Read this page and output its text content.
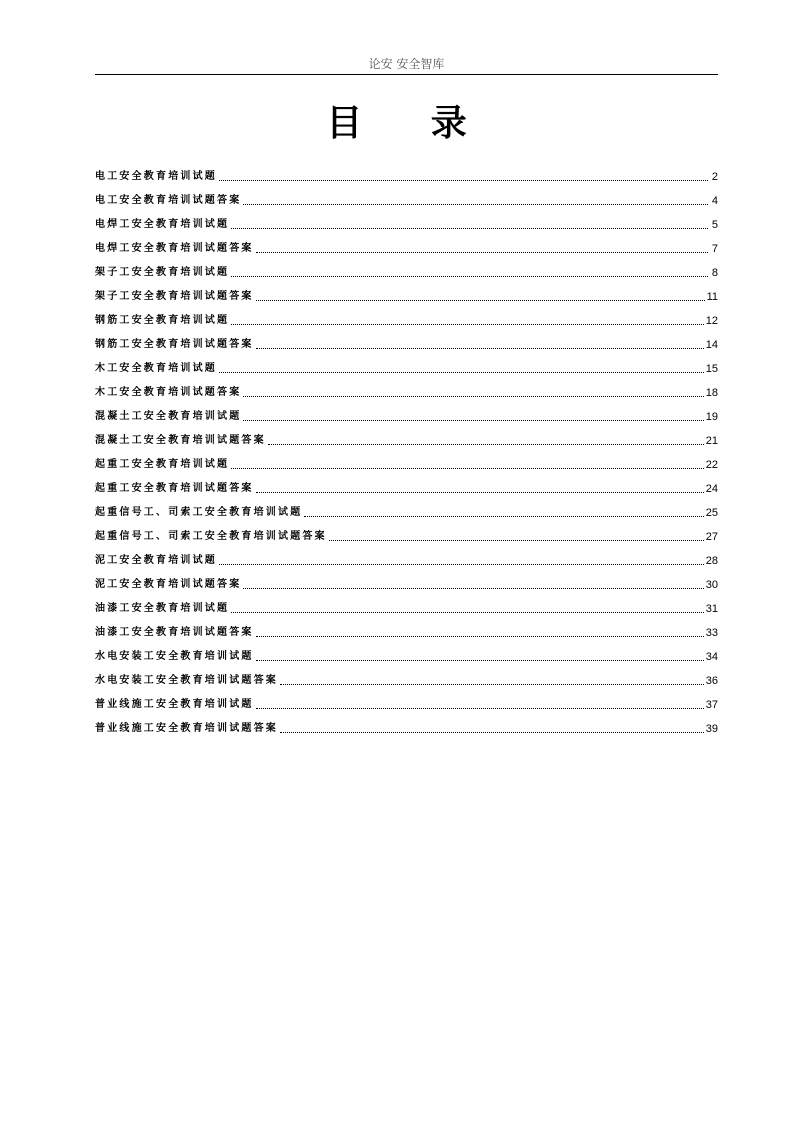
论安 安全智库
目 录
电工安全教育培训试题	2
电工安全教育培训试题答案	4
电焊工安全教育培训试题	5
电焊工安全教育培训试题答案	7
架子工安全教育培训试题	8
架子工安全教育培训试题答案	11
钢筋工安全教育培训试题	12
钢筋工安全教育培训试题答案	14
木工安全教育培训试题	15
木工安全教育培训试题答案	18
混凝土工安全教育培训试题	19
混凝土工安全教育培训试题答案	21
起重工安全教育培训试题	22
起重工安全教育培训试题答案	24
起重信号工、司索工安全教育培训试题	25
起重信号工、司索工安全教育培训试题答案	27
泥工安全教育培训试题	28
泥工安全教育培训试题答案	30
油漆工安全教育培训试题	31
油漆工安全教育培训试题答案	33
水电安装工安全教育培训试题	34
水电安装工安全教育培训试题答案	36
普业线施工安全教育培训试题	37
普业线施工安全教育培训试题答案	39
